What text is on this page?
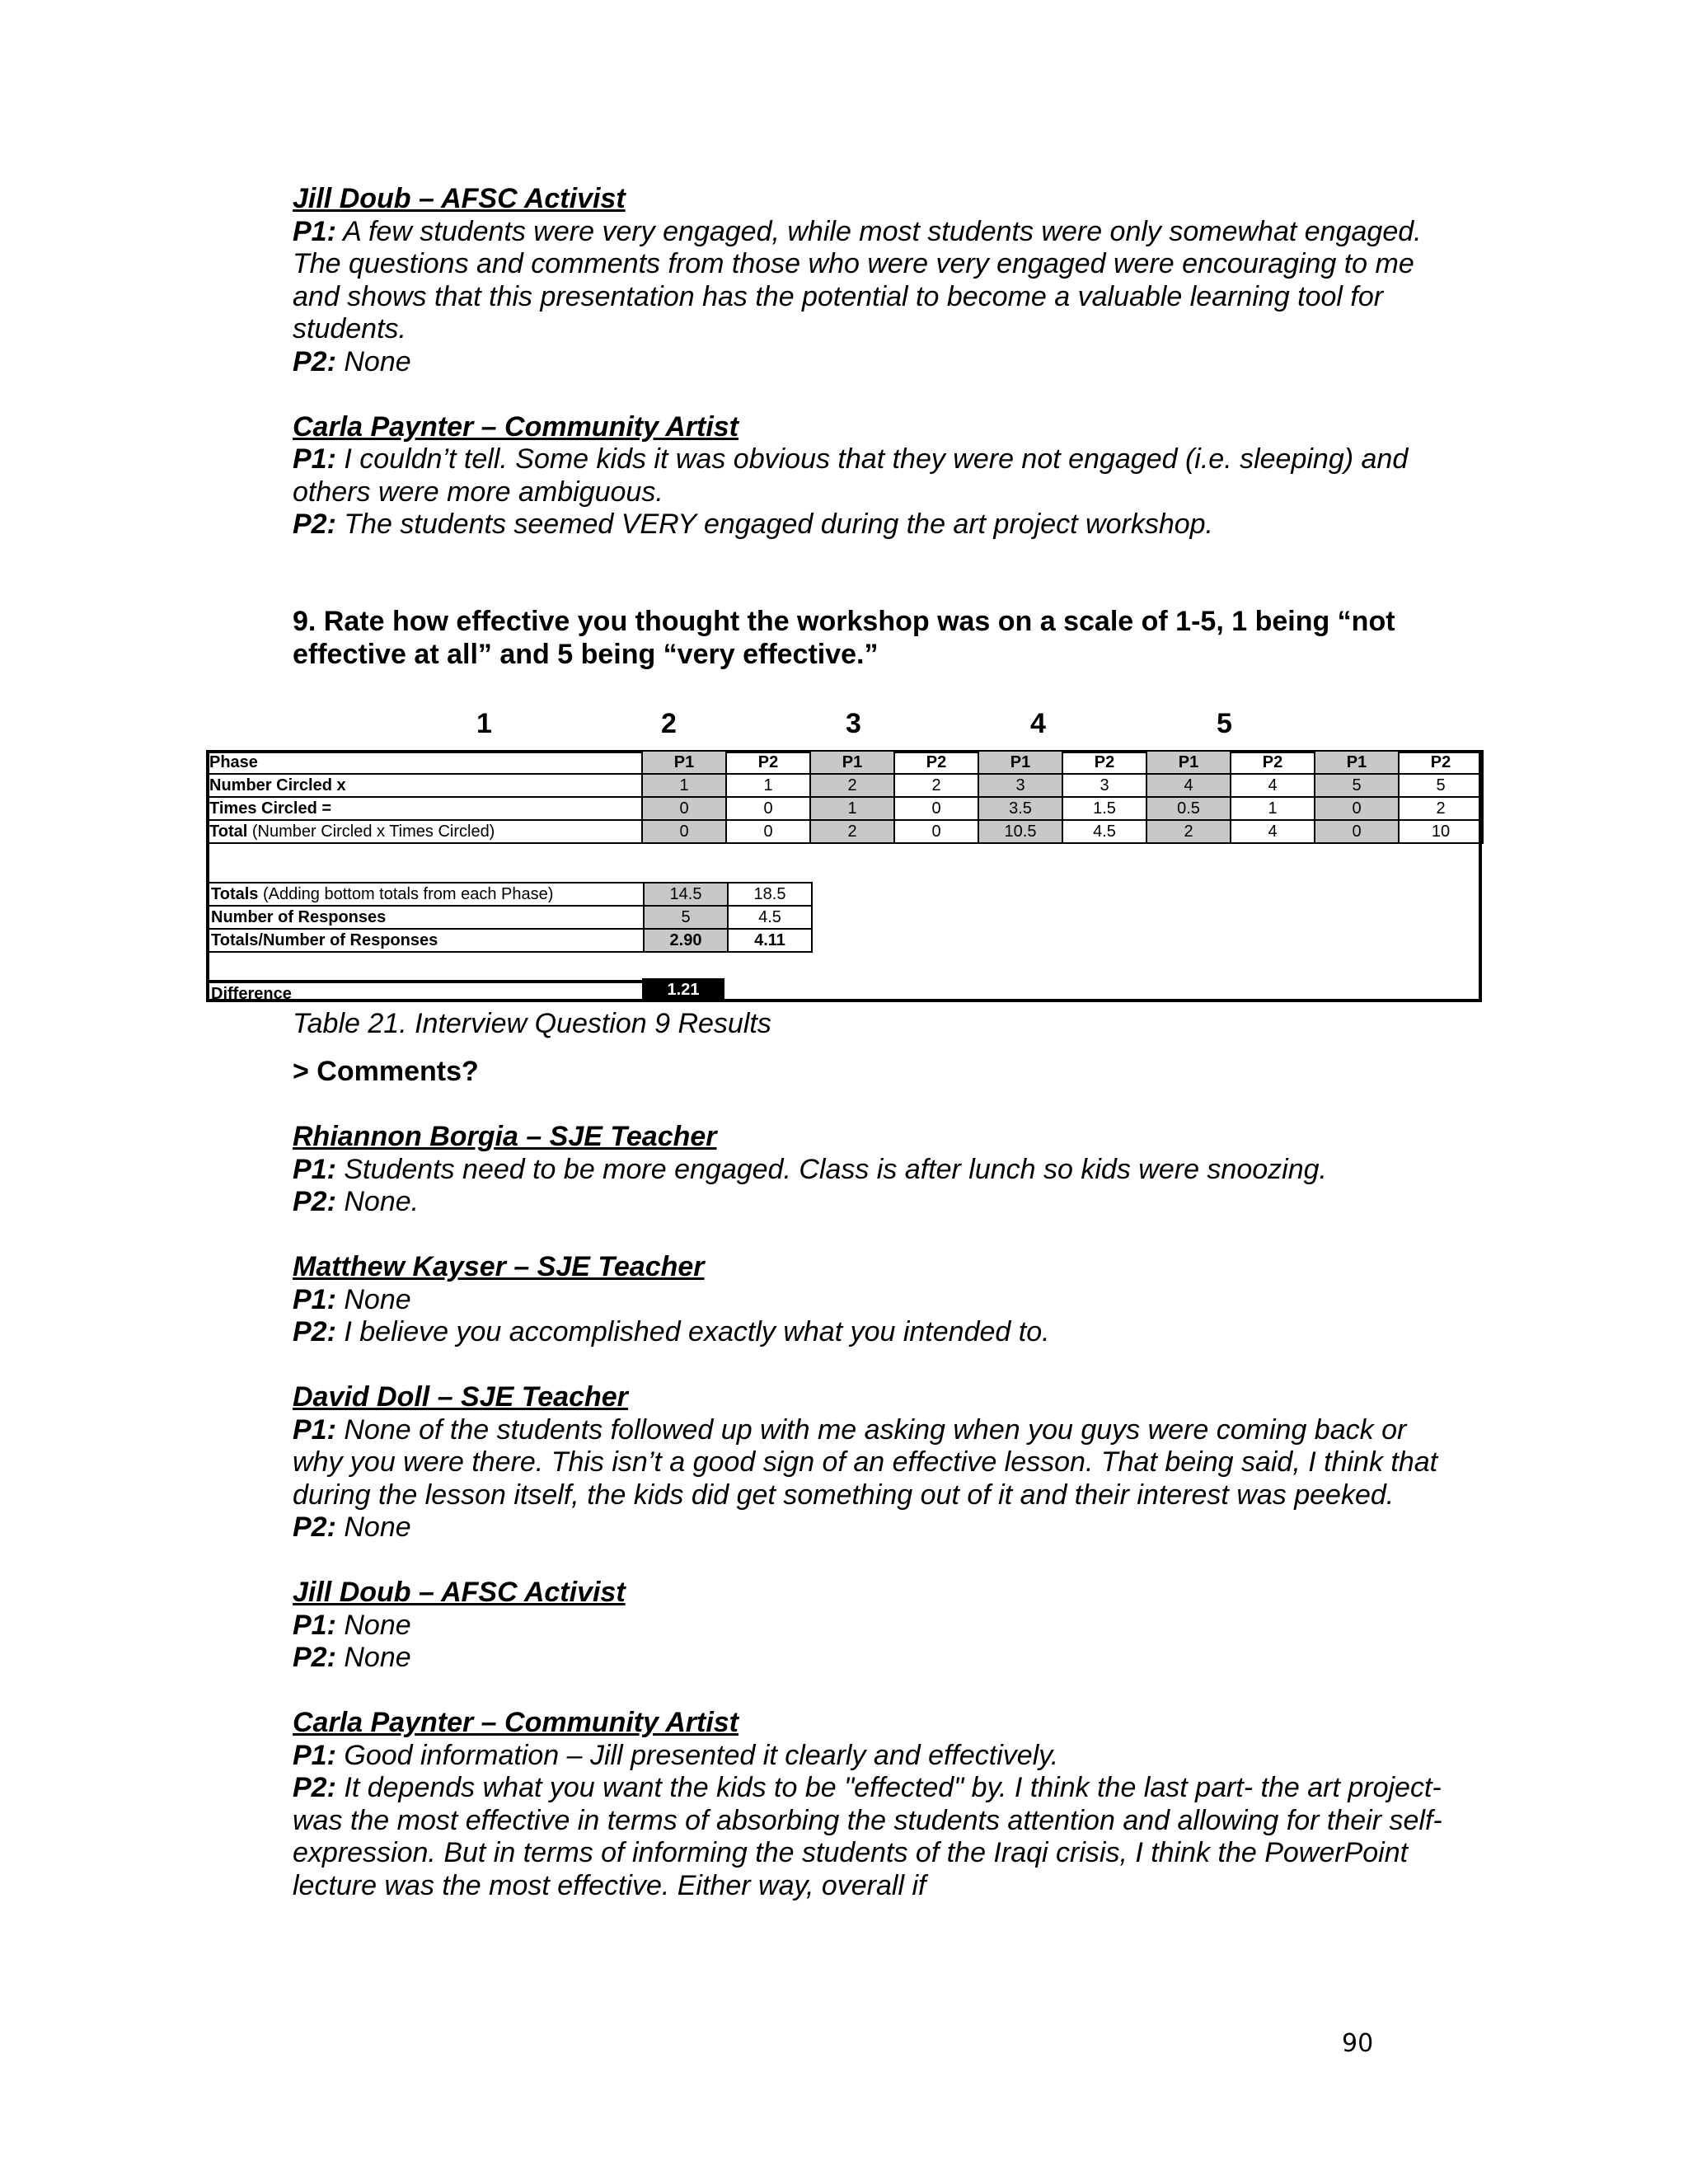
Jill Doub – AFSC Activist

P1: A few students were very engaged, while most students were only somewhat engaged. The questions and comments from those who were very engaged were encouraging to me and shows that this presentation has the potential to become a valuable learning tool for students.

P2: None

Carla Paynter – Community Artist

P1: I couldn’t tell. Some kids it was obvious that they were not engaged (i.e. sleeping) and others were more ambiguous.

P2: The students seemed VERY engaged during the art project workshop.

9. Rate how effective you thought the workshop was on a scale of 1-5, 1 being “not effective at all” and 5 being “very effective.”
1	2	3	4	5
Phase	P1	P2	P1	P2	P1	P2	P1	P2	P1	P2
Number Circled x	1	1	2	2	3	3	4	4	5	5
Times Circled =	0	0	1	0	3.5	1.5	0.5	1	0	2
Total (Number Circled x Times Circled)	0	0	2	0	10.5	4.5	2	4	0	10
Totals (Adding bottom totals from each Phase)	14.5	18.5
Number of Responses	5	4.5
Totals/Number of Responses	2.90	4.11
Difference	1.21
Table 21. Interview Question 9 Results
> Comments?

Rhiannon Borgia – SJE Teacher

P1: Students need to be more engaged. Class is after lunch so kids were snoozing.

P2: None.

Matthew Kayser – SJE Teacher

P1: None

P2: I believe you accomplished exactly what you intended to.

David Doll – SJE Teacher

P1: None of the students followed up with me asking when you guys were coming back or why you were there. This isn’t a good sign of an effective lesson. That being said, I think that during the lesson itself, the kids did get something out of it and their interest was peeked.

P2: None

Jill Doub – AFSC Activist

P1: None

P2: None

Carla Paynter – Community Artist

P1: Good information – Jill presented it clearly and effectively.

P2: It depends what you want the kids to be "effected" by. I think the last part- the art project- was the most effective in terms of absorbing the students attention and allowing for their self-expression. But in terms of informing the students of the Iraqi crisis, I think the PowerPoint lecture was the most effective. Either way, overall if

90
